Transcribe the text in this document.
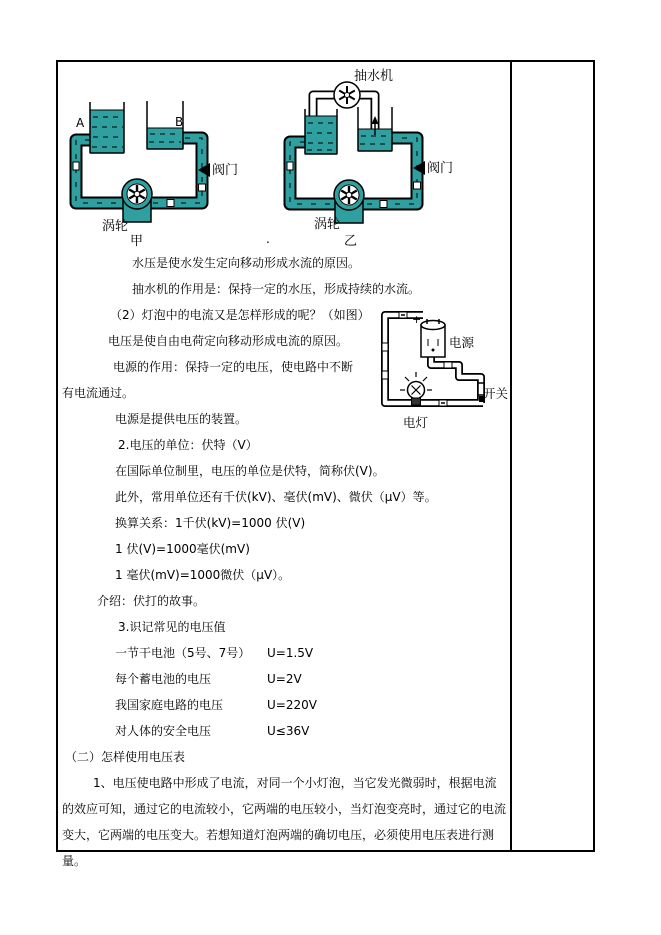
A	B
阀门
涡轮
甲
抽水机
阀门
涡轮
乙
.
+
电源
开关
电灯

水压是使水发生定向移动形成水流的原因。

抽水机的作用是：保持一定的水压，形成持续的水流。

（2）灯泡中的电流又是怎样形成的呢？（如图）

电压是使自由电荷定向移动形成电流的原因。

电源的作用：保持一定的电压，使电路中不断

有电流通过。

电源是提供电压的装置。

2.电压的单位：伏特（V）

在国际单位制里，电压的单位是伏特，简称伏(V)。

此外，常用单位还有千伏(kV)、毫伏(mV)、微伏（μV）等。

换算关系：1千伏(kV)=1000 伏(V)

1 伏(V)=1000毫伏(mV)

1 毫伏(mV)=1000微伏（μV）。

介绍：伏打的故事。

3.识记常见的电压值

一节干电池（5号、7号） U=1.5V

每个蓄电池的电压	U=2V

我国家庭电路的电压	U=220V

对人体的安全电压	U≤36V

（二）怎样使用电压表

1、电压使电路中形成了电流，对同一个小灯泡，当它发光微弱时，根据电流的效应可知，通过它的电流较小，它两端的电压较小，当灯泡变亮时，通过它的电流变大，它两端的电压变大。若想知道灯泡两端的确切电压，必须使用电压表进行测量。
